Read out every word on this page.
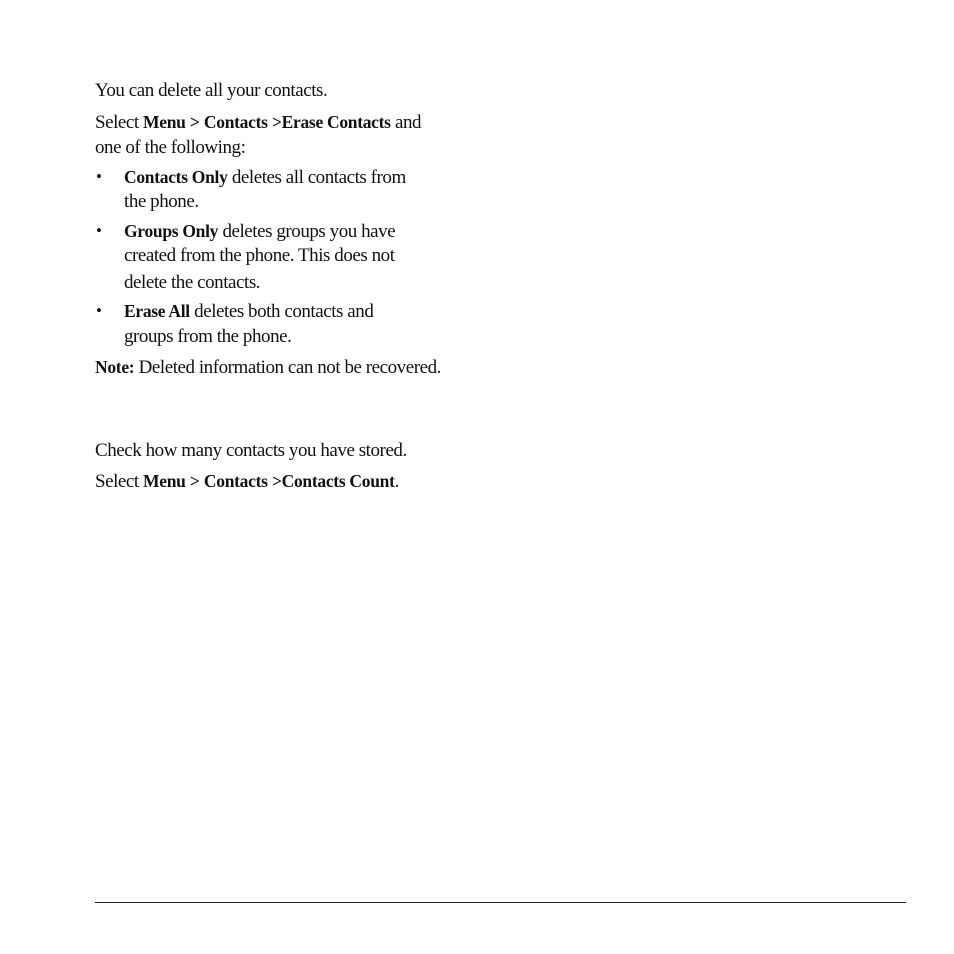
You can delete all your contacts.
Select Menu > Contacts >Erase Contacts and
one of the following:
• Contacts Only deletes all contacts from
the phone.
• Groups Only deletes groups you have
created from the phone. This does not
delete the contacts.
• Erase All deletes both contacts and
groups from the phone.
Note: Deleted information can not be recovered.
Check how many contacts you have stored.
Select Menu > Contacts >Contacts Count.
